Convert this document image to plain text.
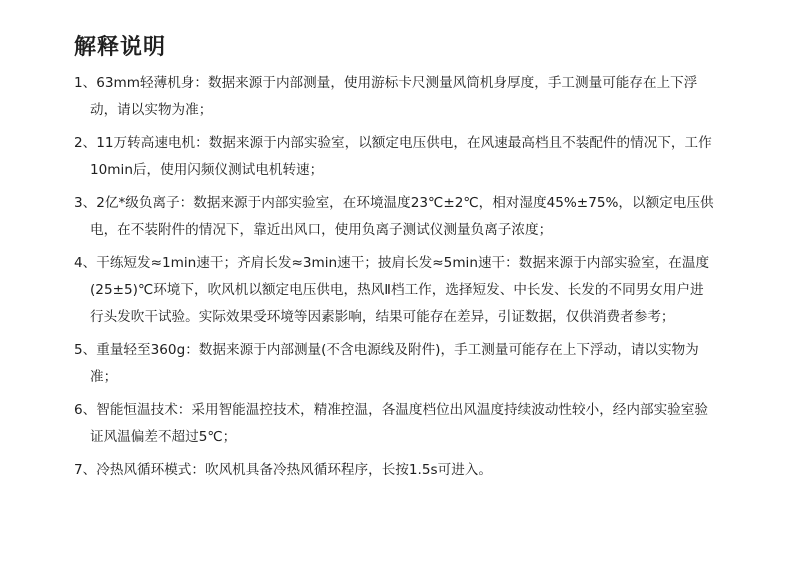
解释说明

1、63mm轻薄机身：数据来源于内部测量，使用游标卡尺测量风筒机身厚度，手工测量可能存在上下浮动，请以实物为准；

2、11万转高速电机：数据来源于内部实验室，以额定电压供电，在风速最高档且不装配件的情况下，工作10min后，使用闪频仪测试电机转速；

3、2亿*级负离子：数据来源于内部实验室，在环境温度23℃±2℃，相对湿度45%±75%，以额定电压供电，在不装附件的情况下，靠近出风口，使用负离子测试仪测量负离子浓度；

4、干练短发≈1min速干；齐肩长发≈3min速干；披肩长发≈5min速干：数据来源于内部实验室，在温度(25±5)℃环境下，吹风机以额定电压供电，热风Ⅱ档工作，选择短发、中长发、长发的不同男女用户进行头发吹干试验。实际效果受环境等因素影响，结果可能存在差异，引证数据，仅供消费者参考；

5、重量轻至360g：数据来源于内部测量(不含电源线及附件)，手工测量可能存在上下浮动，请以实物为准；

6、智能恒温技术：采用智能温控技术，精准控温，各温度档位出风温度持续波动性较小，经内部实验室验证风温偏差不超过5℃；

7、冷热风循环模式：吹风机具备冷热风循环程序，长按1.5s可进入。
